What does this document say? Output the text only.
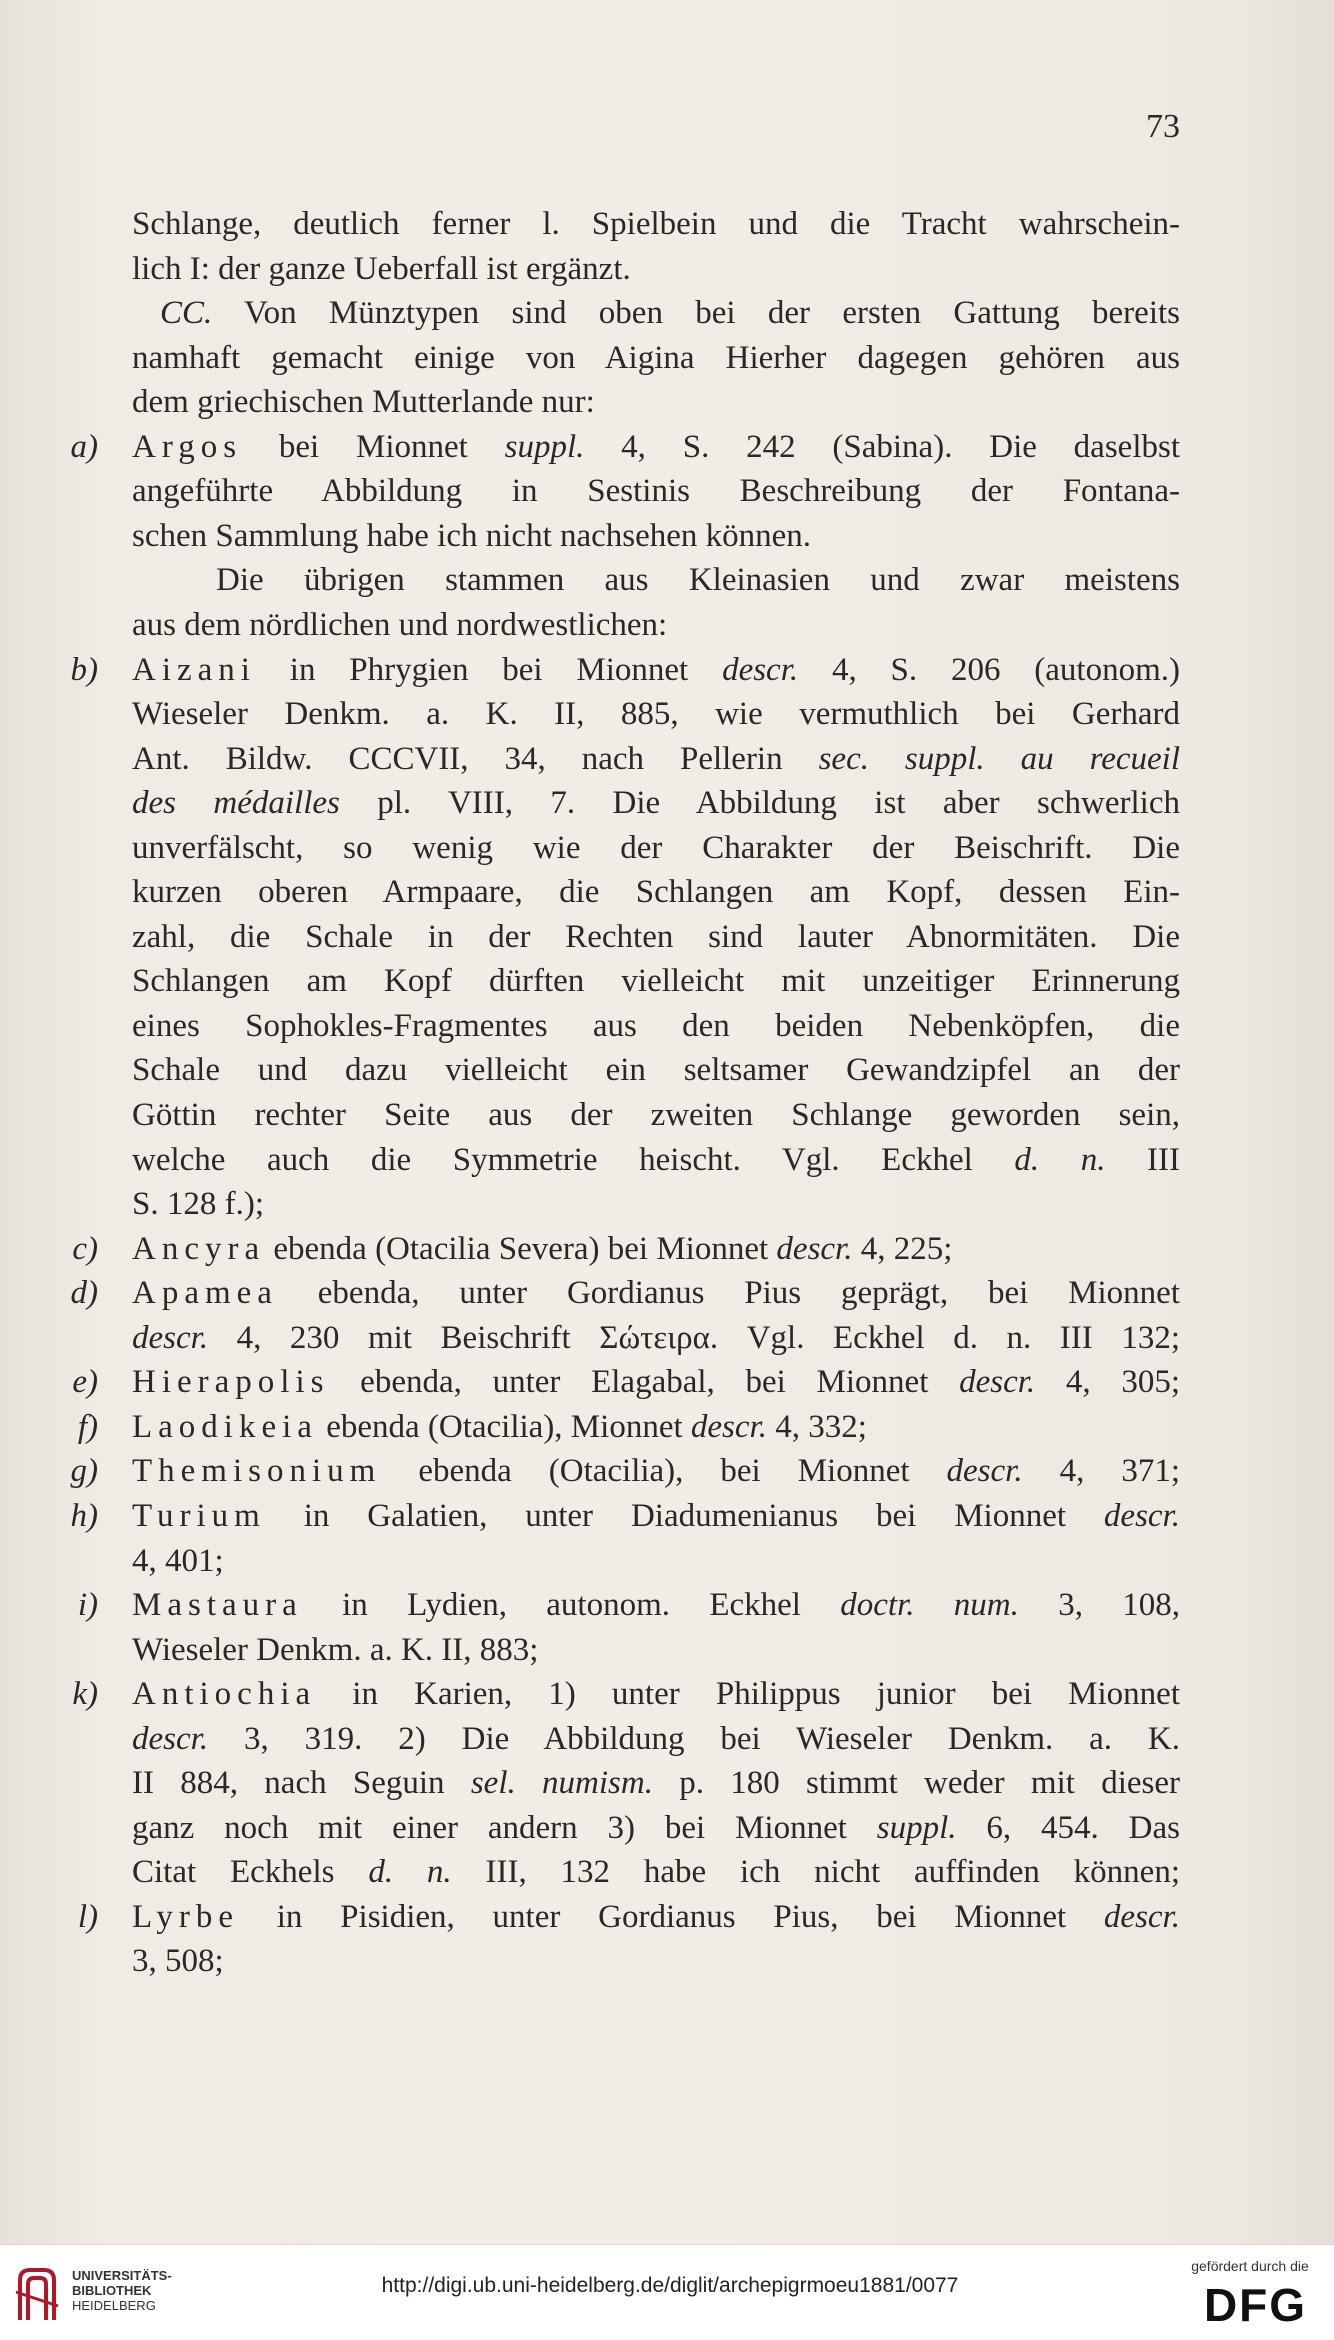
73
Schlange, deutlich ferner l. Spielbein und die Tracht wahrschein-
lich I: der ganze Ueberfall ist ergänzt.
CC. Von Münztypen sind oben bei der ersten Gattung bereits
namhaft gemacht einige von Aigina Hierher dagegen gehören aus
dem griechischen Mutterlande nur:
a) Argos bei Mionnet suppl. 4, S. 242 (Sabina). Die daselbst
angeführte Abbildung in Sestinis Beschreibung der Fontana-
schen Sammlung habe ich nicht nachsehen können.
Die übrigen stammen aus Kleinasien und zwar meistens
aus dem nördlichen und nordwestlichen:
b) Aizani in Phrygien bei Mionnet descr. 4, S. 206 (autonom.)
Wieseler Denkm. a. K. II, 885, wie vermuthlich bei Gerhard
Ant. Bildw. CCCVII, 34, nach Pellerin sec. suppl. au recueil
des médailles pl. VIII, 7. Die Abbildung ist aber schwerlich
unverfälscht, so wenig wie der Charakter der Beischrift. Die
kurzen oberen Armpaare, die Schlangen am Kopf, dessen Ein-
zahl, die Schale in der Rechten sind lauter Abnormitäten. Die
Schlangen am Kopf dürften vielleicht mit unzeitiger Erinnerung
eines Sophokles-Fragmentes aus den beiden Nebenköpfen, die
Schale und dazu vielleicht ein seltsamer Gewandzipfel an der
Göttin rechter Seite aus der zweiten Schlange geworden sein,
welche auch die Symmetrie heischt. Vgl. Eckhel d. n. III
S. 128 f.);
c) Ancyra ebenda (Otacilia Severa) bei Mionnet descr. 4, 225;
d) Apamea ebenda, unter Gordianus Pius geprägt, bei Mionnet
descr. 4, 230 mit Beischrift Σώτειρα. Vgl. Eckhel d. n. III 132;
e) Hierapolis ebenda, unter Elagabal, bei Mionnet descr. 4, 305;
f) Laodikeia ebenda (Otacilia), Mionnet descr. 4, 332;
g) Themisonium ebenda (Otacilia), bei Mionnet descr. 4, 371;
h) Turium in Galatien, unter Diadumenianus bei Mionnet descr.
4, 401;
i) Mastaura in Lydien, autonom. Eckhel doctr. num. 3, 108,
Wieseler Denkm. a. K. II, 883;
k) Antiochia in Karien, 1) unter Philippus junior bei Mionnet
descr. 3, 319. 2) Die Abbildung bei Wieseler Denkm. a. K.
II 884, nach Seguin sel. numism. p. 180 stimmt weder mit dieser
ganz noch mit einer andern 3) bei Mionnet suppl. 6, 454. Das
Citat Eckhels d. n. III, 132 habe ich nicht auffinden können;
l) Lyrbe in Pisidien, unter Gordianus Pius, bei Mionnet descr.
3, 508;
UNIVERSITÄTS-
BIBLIOTHEK
HEIDELBERG
http://digi.ub.uni-heidelberg.de/diglit/archepigrmoeu1881/0077
gefördert durch die
DFG
